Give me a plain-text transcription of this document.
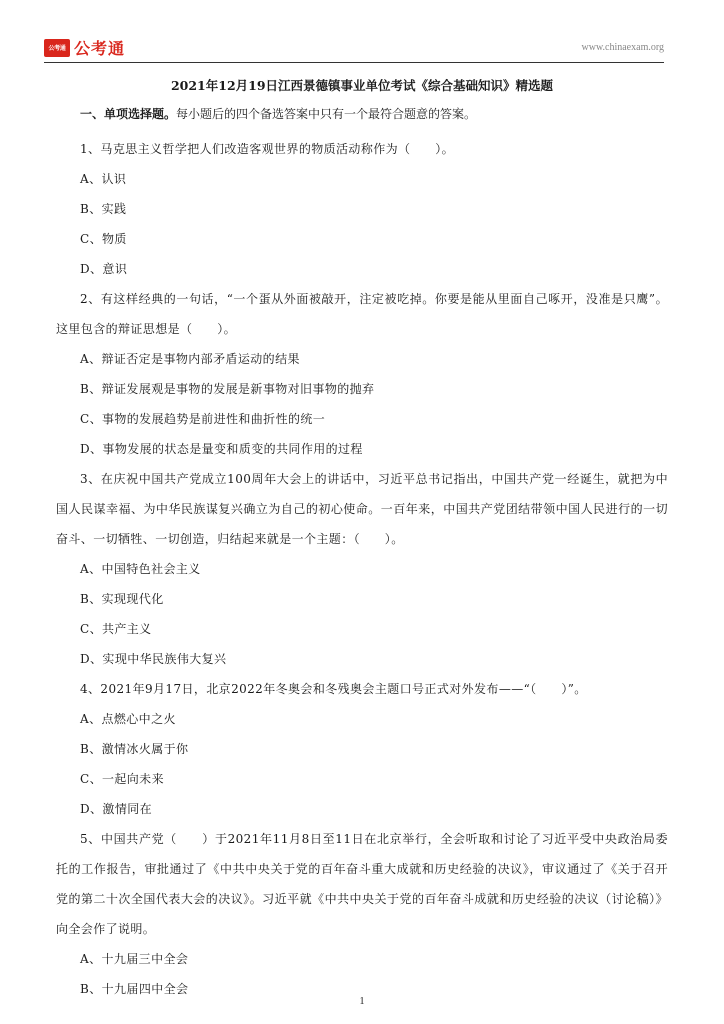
公考通 公考通	www.chinaexam.org
2021年12月19日江西景德镇事业单位考试《综合基础知识》精选题
一、单项选择题。每小题后的四个备选答案中只有一个最符合题意的答案。

1、马克思主义哲学把人们改造客观世界的物质活动称作为（　　）。

A、认识

B、实践

C、物质

D、意识

2、有这样经典的一句话，“一个蛋从外面被敲开，注定被吃掉。你要是能从里面自己啄开，没准是只鹰”。这里包含的辩证思想是（　　）。

A、辩证否定是事物内部矛盾运动的结果

B、辩证发展观是事物的发展是新事物对旧事物的抛弃

C、事物的发展趋势是前进性和曲折性的统一

D、事物发展的状态是量变和质变的共同作用的过程

3、在庆祝中国共产党成立100周年大会上的讲话中，习近平总书记指出，中国共产党一经诞生，就把为中国人民谋幸福、为中华民族谋复兴确立为自己的初心使命。一百年来，中国共产党团结带领中国人民进行的一切奋斗、一切牺牲、一切创造，归结起来就是一个主题：（　　）。

A、中国特色社会主义

B、实现现代化

C、共产主义

D、实现中华民族伟大复兴

4、2021年9月17日，北京2022年冬奥会和冬残奥会主题口号正式对外发布——“（　　）”。

A、点燃心中之火

B、激情冰火属于你

C、一起向未来

D、激情同在

5、中国共产党（　　）于2021年11月8日至11日在北京举行，全会听取和讨论了习近平受中央政治局委托的工作报告，审批通过了《中共中央关于党的百年奋斗重大成就和历史经验的决议》，审议通过了《关于召开党的第二十次全国代表大会的决议》。习近平就《中共中央关于党的百年奋斗成就和历史经验的决议（讨论稿）》向全会作了说明。

A、十九届三中全会

B、十九届四中全会

1
